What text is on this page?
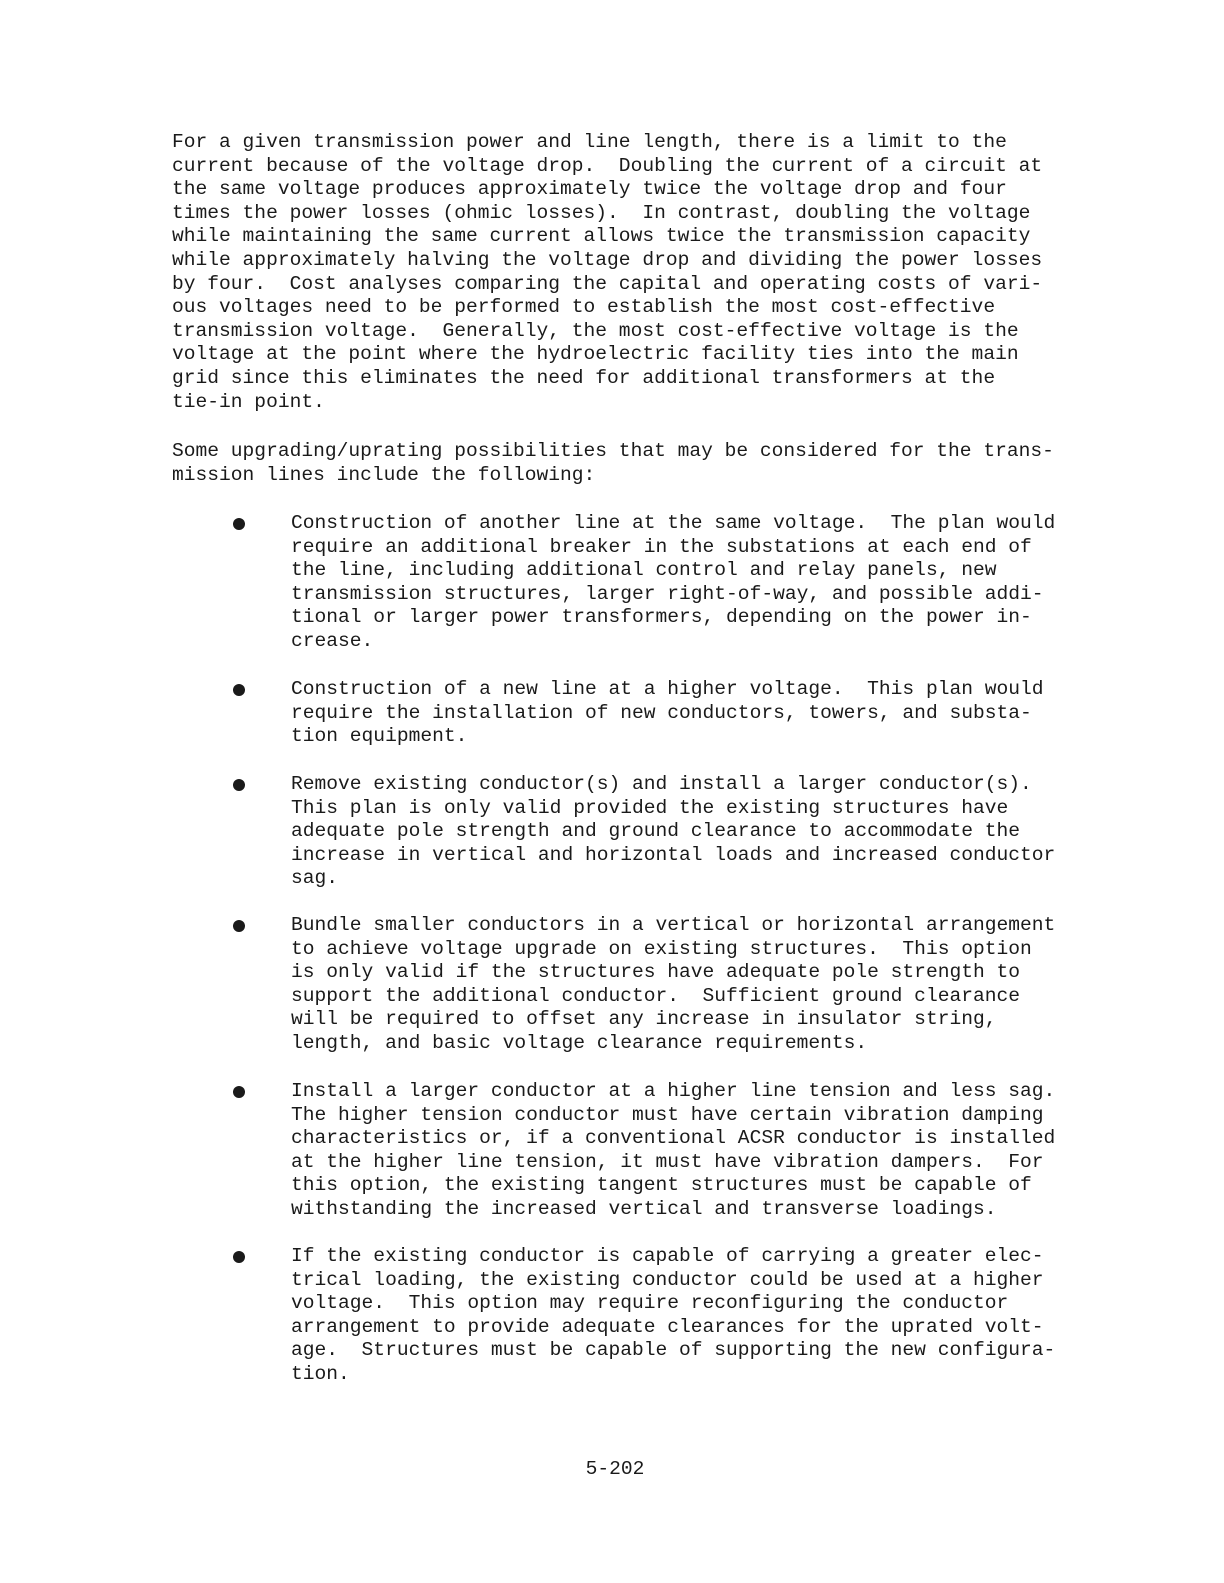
For a given transmission power and line length, there is a limit to the
current because of the voltage drop.  Doubling the current of a circuit at
the same voltage produces approximately twice the voltage drop and four
times the power losses (ohmic losses).  In contrast, doubling the voltage
while maintaining the same current allows twice the transmission capacity
while approximately halving the voltage drop and dividing the power losses
by four.  Cost analyses comparing the capital and operating costs of vari-
ous voltages need to be performed to establish the most cost-effective
transmission voltage.  Generally, the most cost-effective voltage is the
voltage at the point where the hydroelectric facility ties into the main
grid since this eliminates the need for additional transformers at the
tie-in point.

Some upgrading/uprating possibilities that may be considered for the trans-
mission lines include the following:

Construction of another line at the same voltage.  The plan would
require an additional breaker in the substations at each end of
the line, including additional control and relay panels, new
transmission structures, larger right-of-way, and possible addi-
tional or larger power transformers, depending on the power in-
crease.

Construction of a new line at a higher voltage.  This plan would
require the installation of new conductors, towers, and substa-
tion equipment.

Remove existing conductor(s) and install a larger conductor(s).
This plan is only valid provided the existing structures have
adequate pole strength and ground clearance to accommodate the
increase in vertical and horizontal loads and increased conductor
sag.

Bundle smaller conductors in a vertical or horizontal arrangement
to achieve voltage upgrade on existing structures.  This option
is only valid if the structures have adequate pole strength to
support the additional conductor.  Sufficient ground clearance
will be required to offset any increase in insulator string,
length, and basic voltage clearance requirements.

Install a larger conductor at a higher line tension and less sag.
The higher tension conductor must have certain vibration damping
characteristics or, if a conventional ACSR conductor is installed
at the higher line tension, it must have vibration dampers.  For
this option, the existing tangent structures must be capable of
withstanding the increased vertical and transverse loadings.

If the existing conductor is capable of carrying a greater elec-
trical loading, the existing conductor could be used at a higher
voltage.  This option may require reconfiguring the conductor
arrangement to provide adequate clearances for the uprated volt-
age.  Structures must be capable of supporting the new configura-
tion.

5-202
